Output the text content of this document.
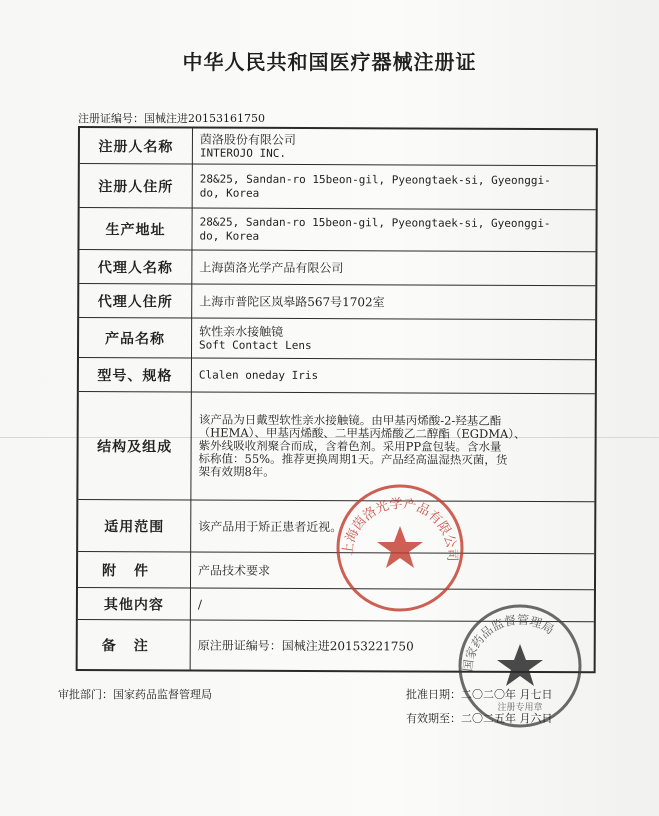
中华人民共和国医疗器械注册证
注册证编号：国械注进20153161750
注册人名称	茵洛股份有限公司
INTEROJO INC.
注册人住所	28&25, Sandan-ro 15beon-gil, Pyeongtaek-si, Gyeonggi-
do, Korea
生产地址	28&25, Sandan-ro 15beon-gil, Pyeongtaek-si, Gyeonggi-
do, Korea
代理人名称	上海茵洛光学产品有限公司
代理人住所	上海市普陀区岚皋路567号1702室
产品名称	软性亲水接触镜
Soft Contact Lens
型号、规格	Clalen oneday Iris
结构及组成
该产品为日戴型软性亲水接触镜。由甲基丙烯酸-2-羟基乙酯
（HEMA）、甲基丙烯酸、二甲基丙烯酸乙二醇酯（EGDMA）、
紫外线吸收剂聚合而成，含着色剂。采用PP盒包装。含水量
标称值：55%。推荐更换周期1天。产品经高温湿热灭菌，货
架有效期8年。
适用范围	该产品用于矫正患者近视。
附件	产品技术要求
其他内容	/
备注	原注册证编号：国械注进20153221750
上海茵洛光学产品有限公司
国家药品监督管理局
注册专用章
审批部门：国家药品监督管理局	批准日期：二〇二〇年 月七日
有效期至：二〇二五年 月六日
